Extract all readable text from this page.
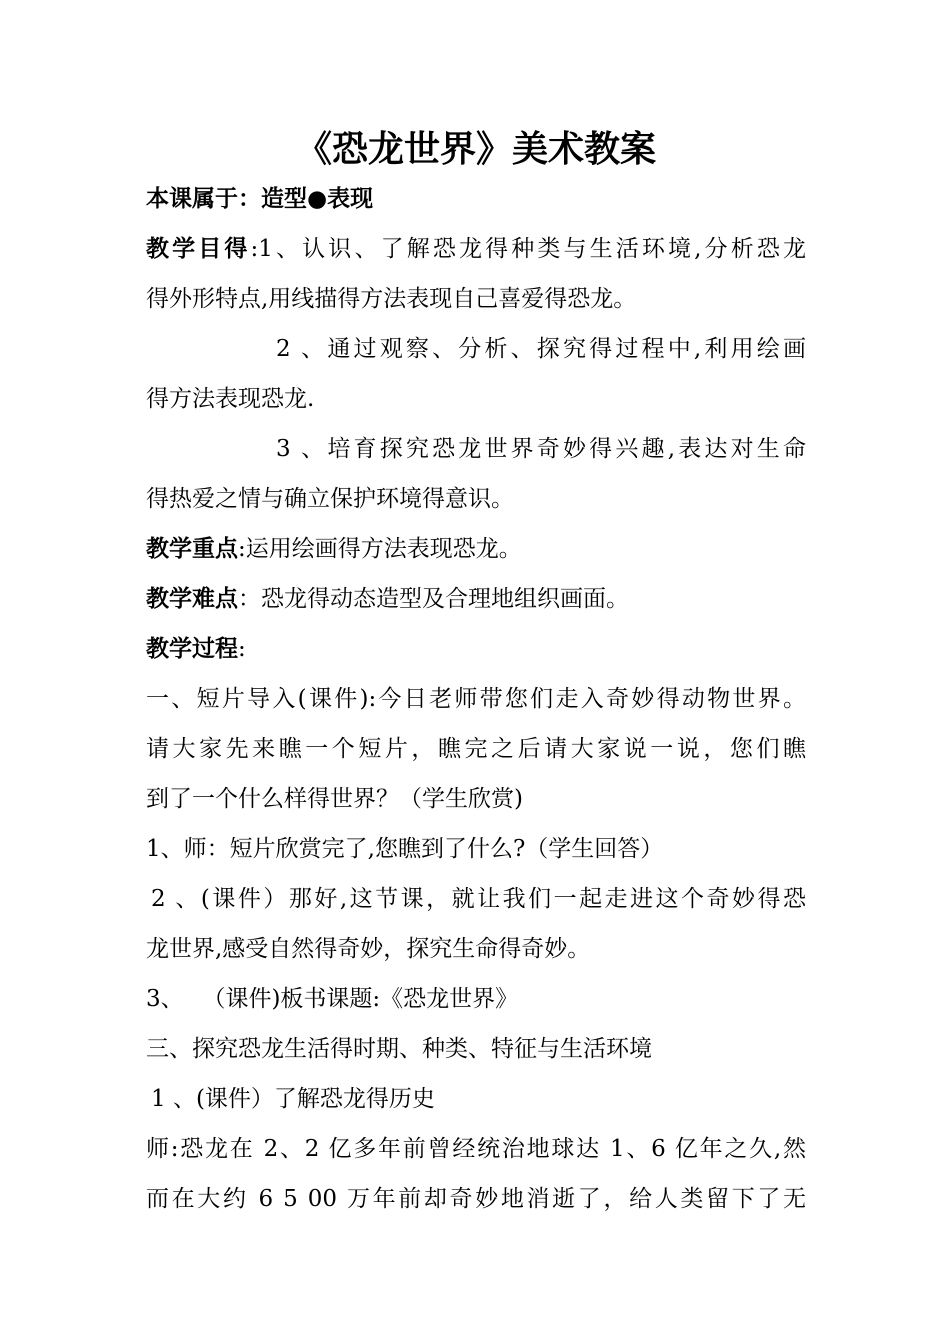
《恐龙世界》美术教案
本课属于：造型●表现
教学目得:1、认识、了解恐龙得种类与生活环境,分析恐龙
得外形特点,用线描得方法表现自己喜爱得恐龙。
2 、通过观察、分析、探究得过程中,利用绘画
得方法表现恐龙.
3 、培育探究恐龙世界奇妙得兴趣,表达对生命
得热爱之情与确立保护环境得意识。
教学重点:运用绘画得方法表现恐龙。
教学难点：恐龙得动态造型及合理地组织画面。
教学过程:
一、短片导入(课件):今日老师带您们走入奇妙得动物世界。
请大家先来瞧一个短片，瞧完之后请大家说一说，您们瞧
到了一个什么样得世界？（学生欣赏)
1、师：短片欣赏完了,您瞧到了什么?（学生回答）
2 、(课件）那好,这节课，就让我们一起走进这个奇妙得恐
龙世界,感受自然得奇妙，探究生命得奇妙。
3、　 （课件)板书课题:《恐龙世界》
三、探究恐龙生活得时期、种类、特征与生活环境
1 、(课件）了解恐龙得历史
师:恐龙在 2、2 亿多年前曾经统治地球达 1、6 亿年之久,然
而在大约 6 5 00 万年前却奇妙地消逝了，给人类留下了无
